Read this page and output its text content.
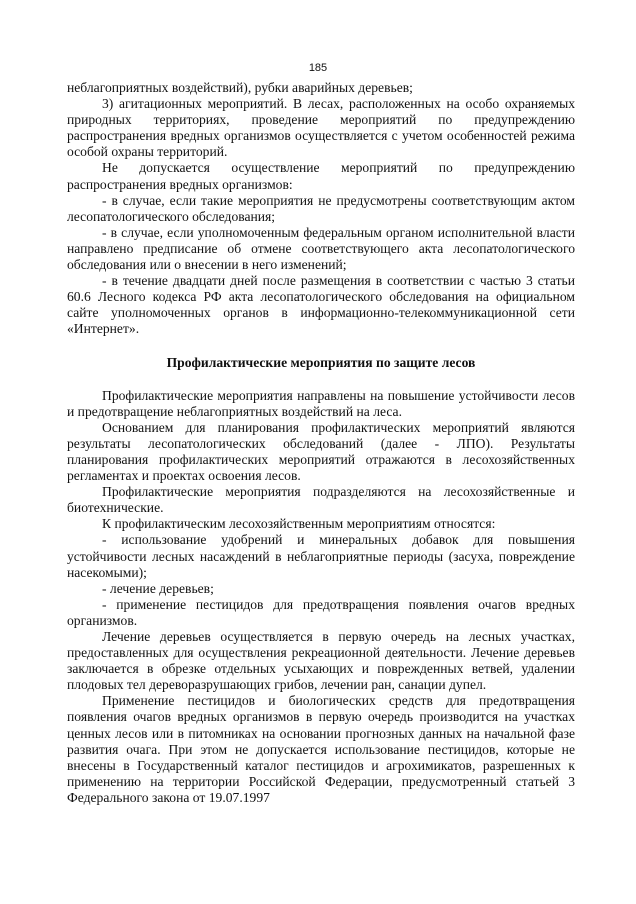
185

неблагоприятных воздействий), рубки аварийных деревьев;

3) агитационных мероприятий. В лесах, расположенных на особо охраняемых природных территориях, проведение мероприятий по предупреждению распространения вредных организмов осуществляется с учетом особенностей режима особой охраны территорий.

Не допускается осуществление мероприятий по предупреждению распространения вредных организмов:

- в случае, если такие мероприятия не предусмотрены соответствующим актом лесопатологического обследования;

- в случае, если уполномоченным федеральным органом исполнительной власти направлено предписание об отмене соответствующего акта лесопатологического обследования или о внесении в него изменений;

- в течение двадцати дней после размещения в соответствии с частью 3 статьи 60.6 Лесного кодекса РФ акта лесопатологического обследования на официальном сайте уполномоченных органов в информационно-телекоммуникационной сети «Интернет».

Профилактические мероприятия по защите лесов

Профилактические мероприятия направлены на повышение устойчивости лесов и предотвращение неблагоприятных воздействий на леса.

Основанием для планирования профилактических мероприятий являются результаты лесопатологических обследований (далее - ЛПО). Результаты планирования профилактических мероприятий отражаются в лесохозяйственных регламентах и проектах освоения лесов.

Профилактические мероприятия подразделяются на лесохозяйственные и биотехнические.

К профилактическим лесохозяйственным мероприятиям относятся:

- использование удобрений и минеральных добавок для повышения устойчивости лесных насаждений в неблагоприятные периоды (засуха, повреждение насекомыми);

- лечение деревьев;

- применение пестицидов для предотвращения появления очагов вредных организмов.

Лечение деревьев осуществляется в первую очередь на лесных участках, предоставленных для осуществления рекреационной деятельности. Лечение деревьев заключается в обрезке отдельных усыхающих и поврежденных ветвей, удалении плодовых тел дереворазрушающих грибов, лечении ран, санации дупел.

Применение пестицидов и биологических средств для предотвращения появления очагов вредных организмов в первую очередь производится на участках ценных лесов или в питомниках на основании прогнозных данных на начальной фазе развития очага. При этом не допускается использование пестицидов, которые не внесены в Государственный каталог пестицидов и агрохимикатов, разрешенных к применению на территории Российской Федерации, предусмотренный статьей 3 Федерального закона от 19.07.1997
